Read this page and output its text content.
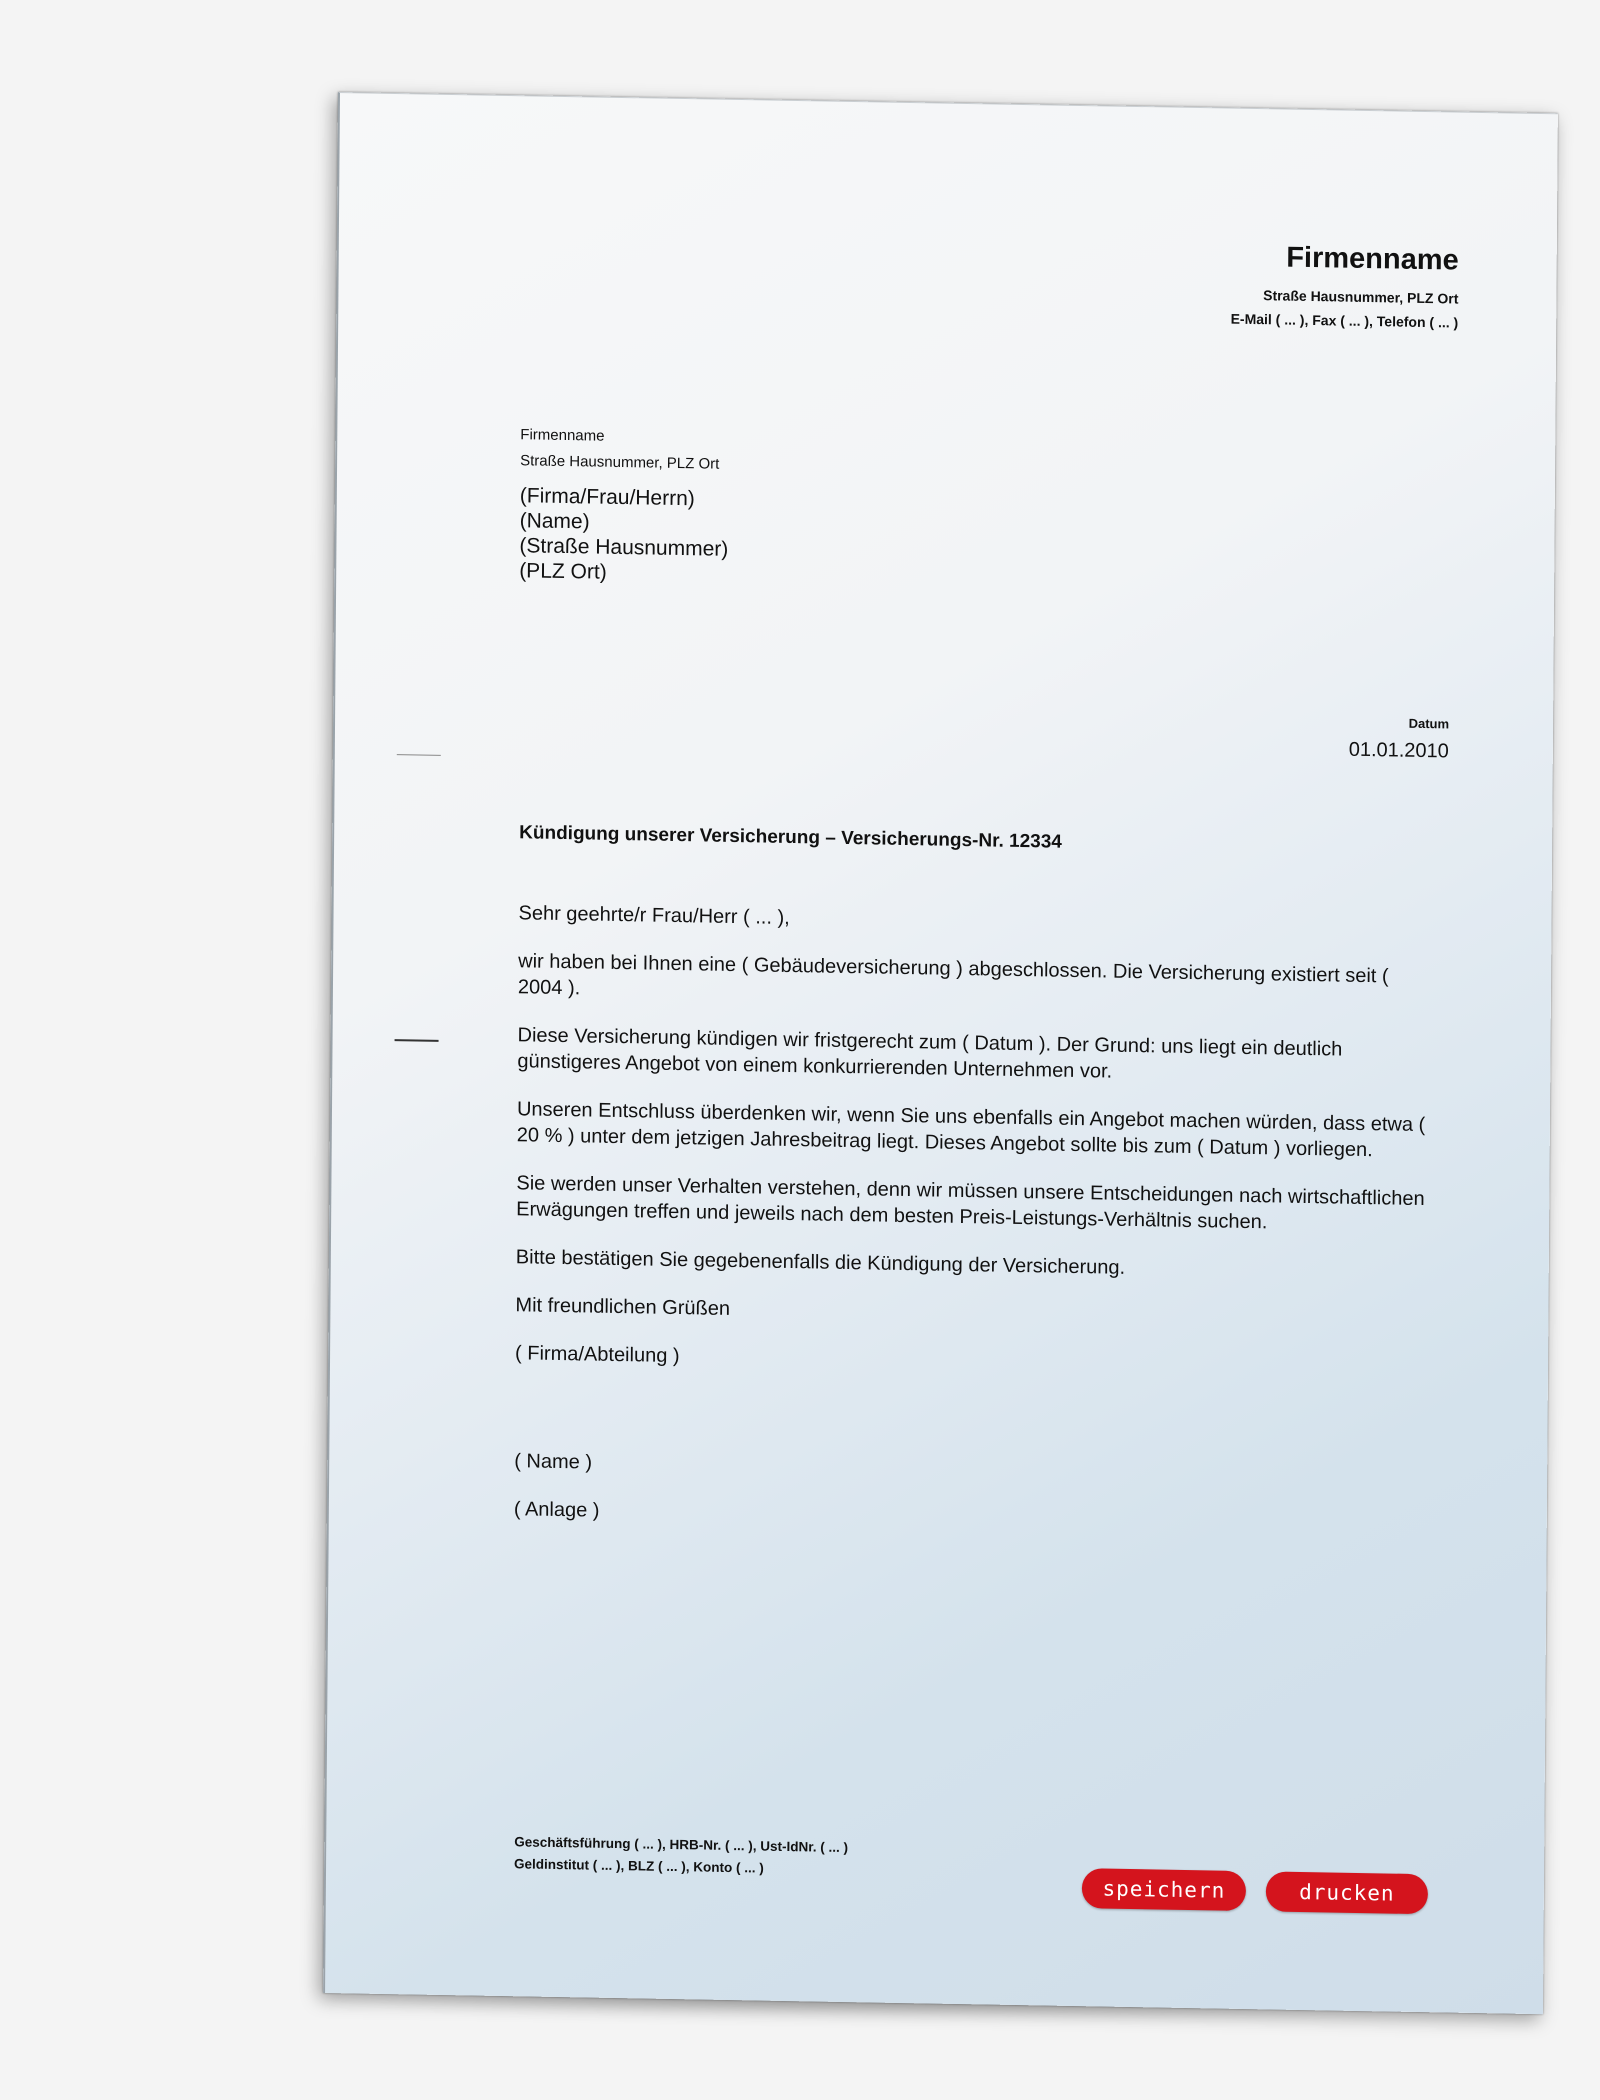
Firmenname
Straße Hausnummer, PLZ Ort
E-Mail ( ... ), Fax ( ... ), Telefon ( ... )
Firmenname
Straße Hausnummer, PLZ Ort
(Firma/Frau/Herrn)
(Name)
(Straße Hausnummer)
(PLZ Ort)
Datum
01.01.2010
Kündigung unserer Versicherung – Versicherungs-Nr. 12334

Sehr geehrte/r Frau/Herr ( ... ),

wir haben bei Ihnen eine ( Gebäudeversicherung ) abgeschlossen. Die Versicherung existiert seit ( 2004 ).

Diese Versicherung kündigen wir fristgerecht zum ( Datum ). Der Grund: uns liegt ein deutlich günstigeres Angebot von einem konkurrierenden Unternehmen vor.

Unseren Entschluss überdenken wir, wenn Sie uns ebenfalls ein Angebot machen würden, dass etwa ( 20 % ) unter dem jetzigen Jahresbeitrag liegt. Dieses Angebot sollte bis zum ( Datum ) vorliegen.

Sie werden unser Verhalten verstehen, denn wir müssen unsere Entscheidungen nach wirtschaftlichen Erwägungen treffen und jeweils nach dem besten Preis-Leistungs-Verhältnis suchen.

Bitte bestätigen Sie gegebenenfalls die Kündigung der Versicherung.

Mit freundlichen Grüßen

( Firma/Abteilung )

( Name )

( Anlage )

Geschäftsführung ( ... ), HRB-Nr. ( ... ), Ust-IdNr. ( ... )
Geldinstitut ( ... ), BLZ ( ... ), Konto ( ... )
speichern	drucken
